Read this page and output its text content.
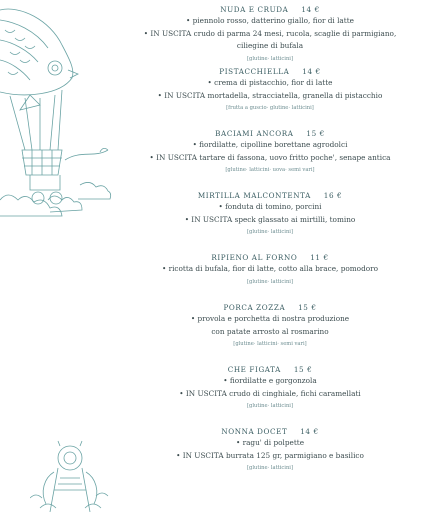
NUDA E CRUDA 14 €
• piennolo rosso, datterino giallo, fior di latte
• IN USCITA crudo di parma 24 mesi, rucola, scaglie di parmigiano,
ciliegine di bufala
[glutine· latticini]
PISTACCHIELLA 14 €
• crema di pistacchio, fior di latte
• IN USCITA mortadella, stracciatella, granella di pistacchio
[frutta a guscio· glutine· latticini]
BACIAMI ANCORA 15 €
• fiordilatte, cipolline borettane agrodolci
• IN USCITA tartare di fassona, uovo fritto poche', senape antica
[glutine· latticini· uova· semi vari]
MIRTILLA MALCONTENTA 16 €
• fonduta di tomino, porcini
• IN USCITA speck glassato ai mirtilli, tomino
[glutine· latticini]
RIPIENO AL FORNO 11 €
• ricotta di bufala, fior di latte, cotto alla brace, pomodoro
[glutine· latticini]
PORCA ZOZZA 15 €
• provola e porchetta di nostra produzione
con patate arrosto al rosmarino
[glutine· latticini· semi vari]
CHE FIGATA 15 €
• fiordilatte e gorgonzola
• IN USCITA crudo di cinghiale, fichi caramellati
[glutine· latticini]
NONNA DOCET 14 €
• ragu' di polpette
• IN USCITA burrata 125 gr, parmigiano e basilico
[glutine· latticini]
